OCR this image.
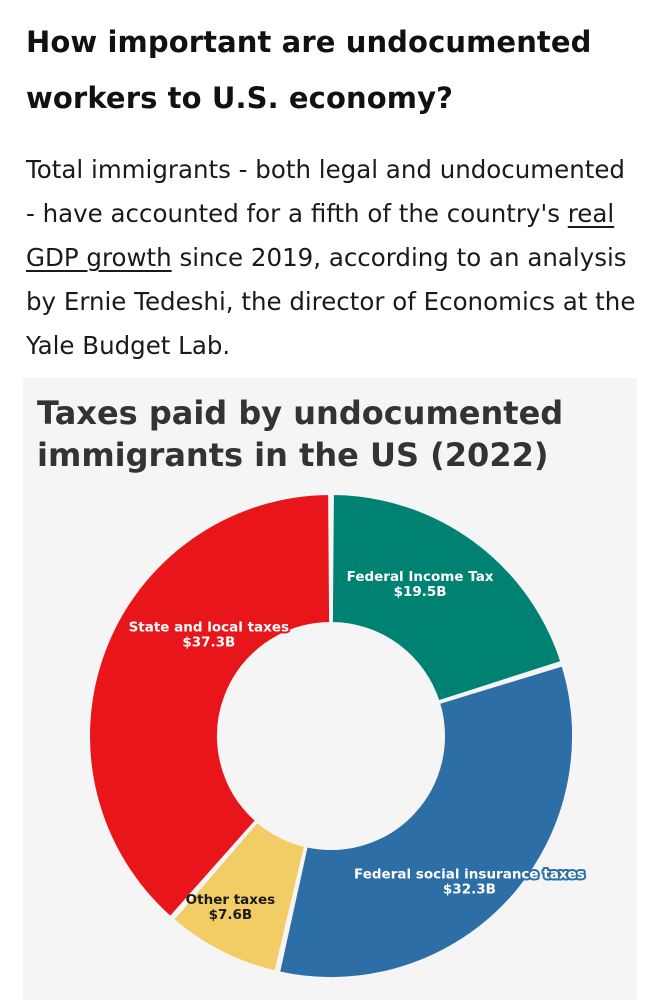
How important are undocumented workers to U.S. economy?

Total immigrants - both legal and undocumented - have accounted for a fifth of the country's real GDP growth since 2019, according to an analysis by Ernie Tedeshi, the director of Economics at the Yale Budget Lab.

Federal Income Tax $19.5B
Federal social insurance taxes $32.3B
Other taxes $7.6B
State and local taxes $37.3B
Taxes paid by undocumented immigrants in the US (2022)
